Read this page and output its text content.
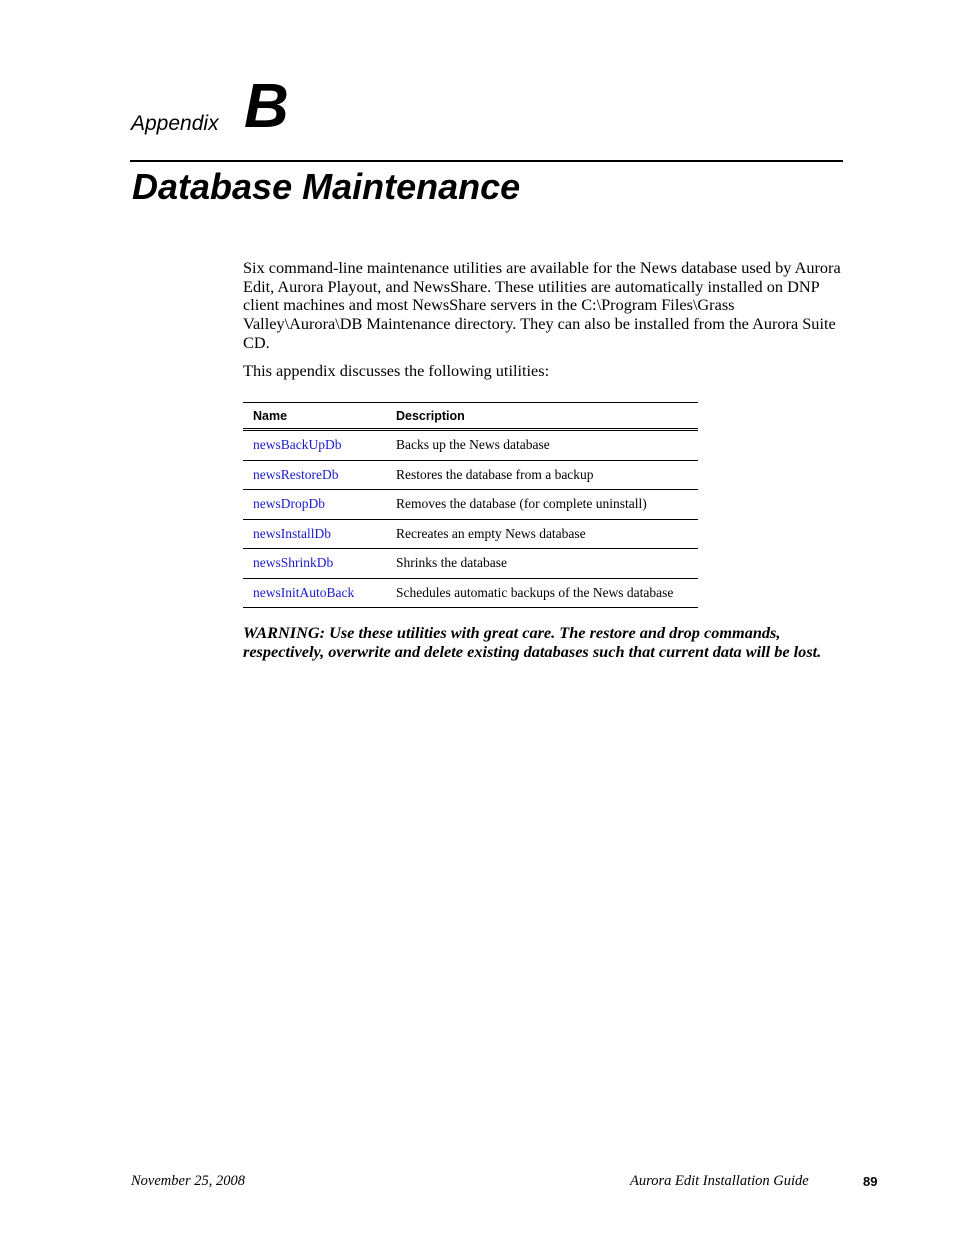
Appendix B
Database Maintenance

Six command-line maintenance utilities are available for the News database used by Aurora Edit, Aurora Playout, and NewsShare. These utilities are automatically installed on DNP client machines and most NewsShare servers in the C:\Program Files\Grass Valley\Aurora\DB Maintenance directory. They can also be installed from the Aurora Suite CD.

This appendix discusses the following utilities:

Name	Description
newsBackUpDb	Backs up the News database
newsRestoreDb	Restores the database from a backup
newsDropDb	Removes the database (for complete uninstall)
newsInstallDb	Recreates an empty News database
newsShrinkDb	Shrinks the database
newsInitAutoBack	Schedules automatic backups of the News database

WARNING: Use these utilities with great care. The restore and drop commands, respectively, overwrite and delete existing databases such that current data will be lost.

November 25, 2008	Aurora Edit Installation Guide	89
